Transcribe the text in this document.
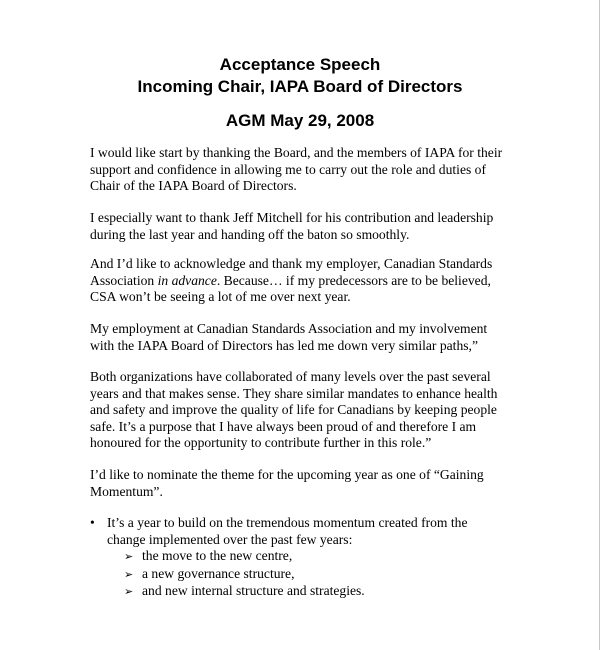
Acceptance Speech
Incoming Chair, IAPA Board of Directors
AGM May 29, 2008

I would like start by thanking the Board, and the members of IAPA for their
support and confidence in allowing me to carry out the role and duties of
Chair of the IAPA Board of Directors.

I especially want to thank Jeff Mitchell for his contribution and leadership
during the last year and handing off the baton so smoothly.

And I’d like to acknowledge and thank my employer, Canadian Standards
Association in advance. Because… if my predecessors are to be believed,
CSA won’t be seeing a lot of me over next year.

My employment at Canadian Standards Association and my involvement
with the IAPA Board of Directors has led me down very similar paths,”

Both organizations have collaborated of many levels over the past several
years and that makes sense. They share similar mandates to enhance health
and safety and improve the quality of life for Canadians by keeping people
safe. It’s a purpose that I have always been proud of and therefore I am
honoured for the opportunity to contribute further in this role.”

I’d like to nominate the theme for the upcoming year as one of “Gaining
Momentum”.

• It’s a year to build on the tremendous momentum created from the
change implemented over the past few years:
➢ the move to the new centre,
➢ a new governance structure,
➢ and new internal structure and strategies.
